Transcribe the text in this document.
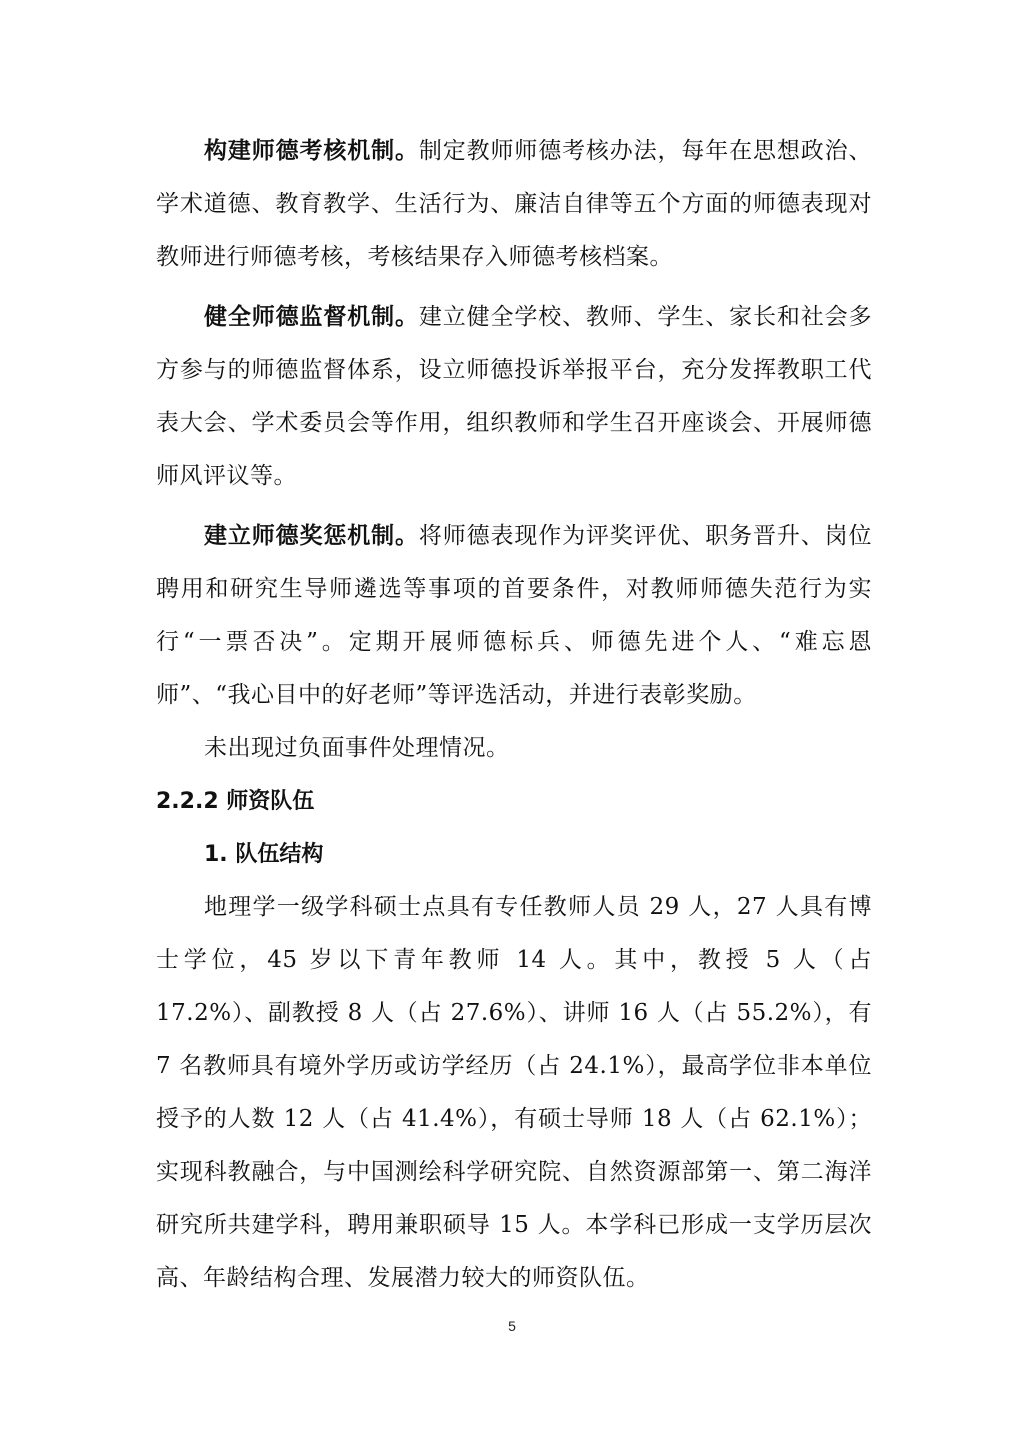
构建师德考核机制。制定教师师德考核办法，每年在思想政治、学术道德、教育教学、生活行为、廉洁自律等五个方面的师德表现对教师进行师德考核，考核结果存入师德考核档案。

健全师德监督机制。建立健全学校、教师、学生、家长和社会多方参与的师德监督体系，设立师德投诉举报平台，充分发挥教职工代表大会、学术委员会等作用，组织教师和学生召开座谈会、开展师德师风评议等。

建立师德奖惩机制。将师德表现作为评奖评优、职务晋升、岗位聘用和研究生导师遴选等事项的首要条件，对教师师德失范行为实行“一票否决”。定期开展师德标兵、师德先进个人、“难忘恩师”、“我心目中的好老师”等评选活动，并进行表彰奖励。

未出现过负面事件处理情况。

2.2.2 师资队伍

1. 队伍结构

地理学一级学科硕士点具有专任教师人员 29 人，27 人具有博士学位，45 岁以下青年教师 14 人。其中，教授 5 人（占 17.2%）、副教授 8 人（占 27.6%）、讲师 16 人（占 55.2%），有 7 名教师具有境外学历或访学经历（占 24.1%），最高学位非本单位授予的人数 12 人（占 41.4%），有硕士导师 18 人（占 62.1%）；实现科教融合，与中国测绘科学研究院、自然资源部第一、第二海洋研究所共建学科，聘用兼职硕导 15 人。本学科已形成一支学历层次高、年龄结构合理、发展潜力较大的师资队伍。

5
